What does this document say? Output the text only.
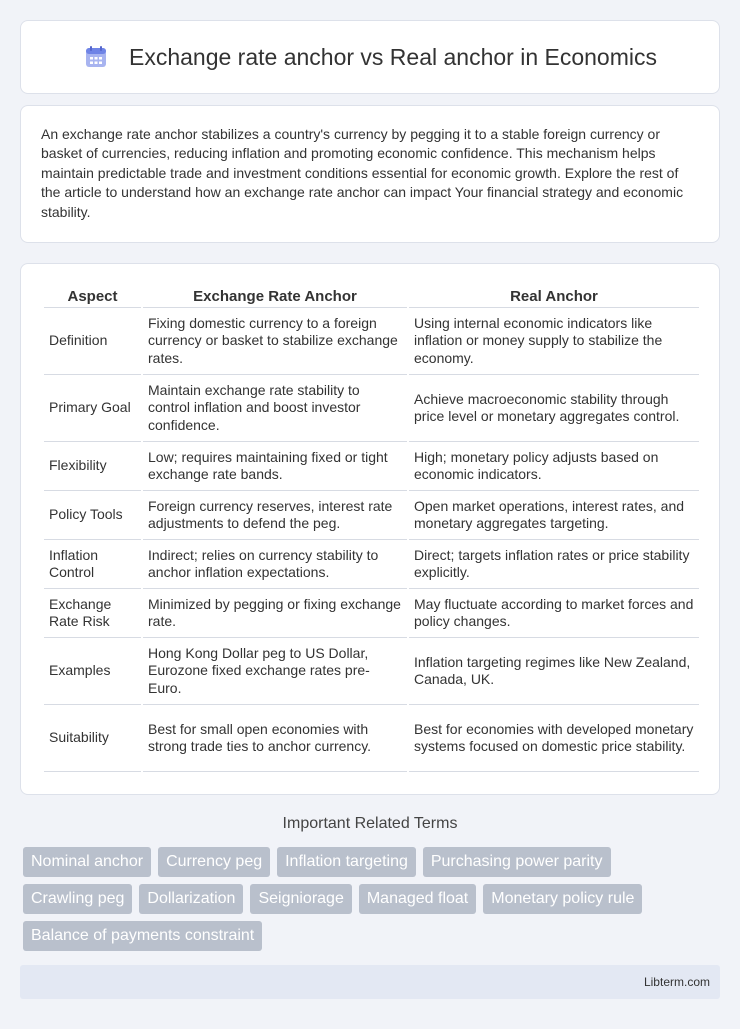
Exchange rate anchor vs Real anchor in Economics

An exchange rate anchor stabilizes a country's currency by pegging it to a stable foreign currency or basket of currencies, reducing inflation and promoting economic confidence. This mechanism helps maintain predictable trade and investment conditions essential for economic growth. Explore the rest of the article to understand how an exchange rate anchor can impact Your financial strategy and economic stability.

Aspect	Exchange Rate Anchor	Real Anchor
Definition	Fixing domestic currency to a foreign currency or basket to stabilize exchange rates.	Using internal economic indicators like inflation or money supply to stabilize the economy.
Primary Goal	Maintain exchange rate stability to control inflation and boost investor confidence.	Achieve macroeconomic stability through price level or monetary aggregates control.
Flexibility	Low; requires maintaining fixed or tight exchange rate bands.	High; monetary policy adjusts based on economic indicators.
Policy Tools	Foreign currency reserves, interest rate adjustments to defend the peg.	Open market operations, interest rates, and monetary aggregates targeting.
Inflation Control	Indirect; relies on currency stability to anchor inflation expectations.	Direct; targets inflation rates or price stability explicitly.
Exchange Rate Risk	Minimized by pegging or fixing exchange rate.	May fluctuate according to market forces and policy changes.
Examples	Hong Kong Dollar peg to US Dollar, Eurozone fixed exchange rates pre-Euro.	Inflation targeting regimes like New Zealand, Canada, UK.
Suitability	Best for small open economies with strong trade ties to anchor currency.	Best for economies with developed monetary systems focused on domestic price stability.
Important Related Terms
Nominal anchor	Currency peg	Inflation targeting	Purchasing power parity
Crawling peg	Dollarization	Seigniorage	Managed float	Monetary policy rule
Balance of payments constraint
Libterm.com
